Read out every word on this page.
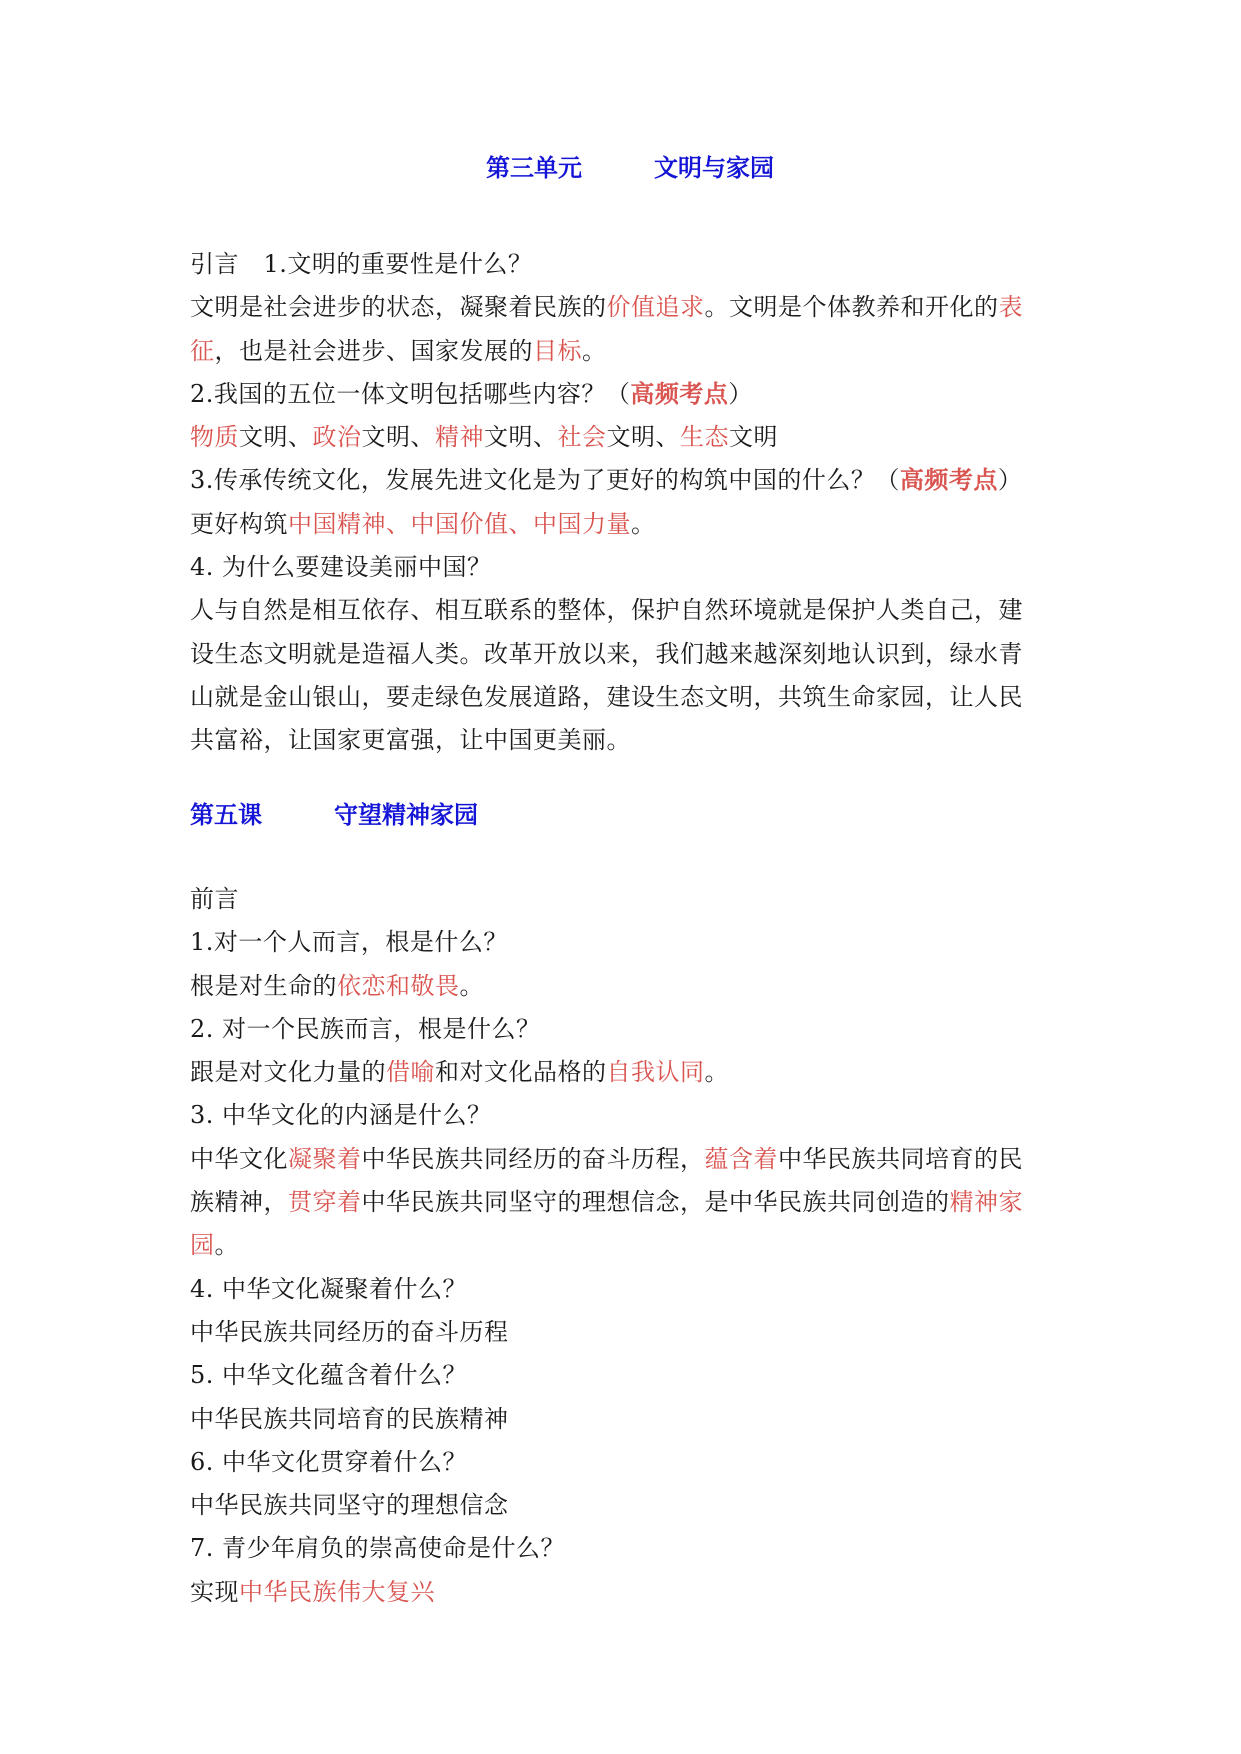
第三单元　　　文明与家园
引言　1.文明的重要性是什么？
文明是社会进步的状态，凝聚着民族的价值追求。文明是个体教养和开化的表
征，也是社会进步、国家发展的目标。
2.我国的五位一体文明包括哪些内容？（高频考点）
物质文明、政治文明、精神文明、社会文明、生态文明
3.传承传统文化，发展先进文化是为了更好的构筑中国的什么？（高频考点）
更好构筑中国精神、中国价值、中国力量。
4. 为什么要建设美丽中国？
人与自然是相互依存、相互联系的整体，保护自然环境就是保护人类自己，建
设生态文明就是造福人类。改革开放以来，我们越来越深刻地认识到，绿水青
山就是金山银山，要走绿色发展道路，建设生态文明，共筑生命家园，让人民
共富裕，让国家更富强，让中国更美丽。
第五课　　　守望精神家园
前言
1.对一个人而言，根是什么？
根是对生命的依恋和敬畏。
2. 对一个民族而言，根是什么？
跟是对文化力量的借喻和对文化品格的自我认同。
3. 中华文化的内涵是什么？
中华文化凝聚着中华民族共同经历的奋斗历程，蕴含着中华民族共同培育的民
族精神，贯穿着中华民族共同坚守的理想信念，是中华民族共同创造的精神家
园。
4. 中华文化凝聚着什么？
中华民族共同经历的奋斗历程
5. 中华文化蕴含着什么？
中华民族共同培育的民族精神
6. 中华文化贯穿着什么？
中华民族共同坚守的理想信念
7. 青少年肩负的崇高使命是什么？
实现中华民族伟大复兴
